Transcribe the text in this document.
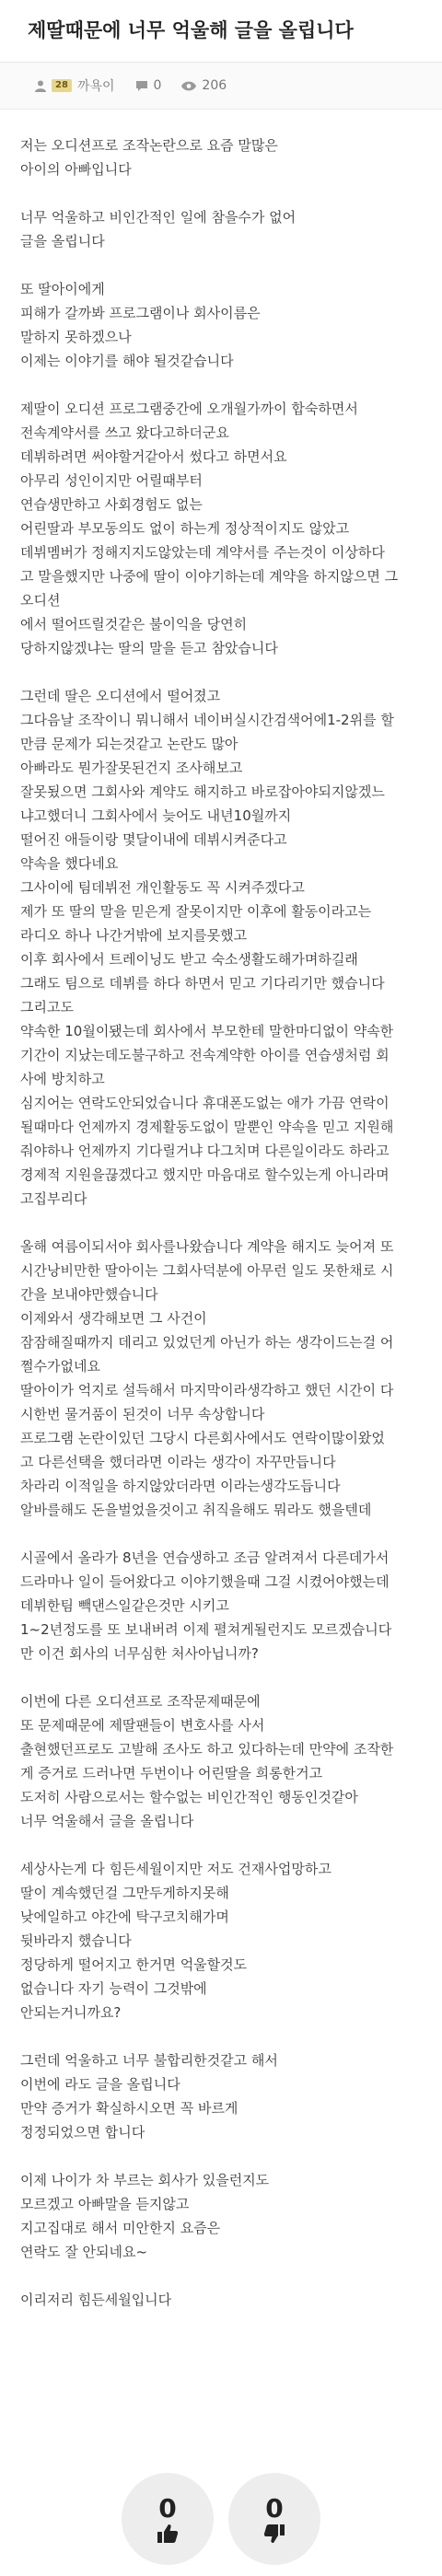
제딸때문에 너무 억울해 글을 올립니다
28 까욕이	0	206

저는 오디션프로 조작논란으로 요즘 말많은
아이의 아빠입니다

너무 억울하고 비인간적인 일에 참을수가 없어
글을 올립니다

또 딸아이에게
피해가 갈까봐 프로그램이나 회사이름은
말하지 못하겠으나
이제는 이야기를 해야 될것같습니다

제딸이 오디션 프로그램중간에 오개월가까이 합숙하면서
전속계약서를 쓰고 왔다고하더군요
데뷔하려면 써야할거같아서 썼다고 하면서요
아무리 성인이지만 어릴때부터
연습생만하고 사회경험도 없는
어린딸과 부모동의도 없이 하는게 정상적이지도 않았고
데뷔멤버가 정해지지도않았는데 계약서를 주는것이 이상하다
고 말을했지만 나중에 딸이 이야기하는데 계약을 하지않으면 그
오디션
에서 떨어뜨릴것같은 불이익을 당연히
당하지않겠냐는 딸의 말을 듣고 참았습니다

그런데 딸은 오디션에서 떨어졌고
그다음날 조작이니 뭐니해서 네이버실시간검색어에1-2위를 할
만큼 문제가 되는것같고 논란도 많아
아빠라도 뭔가잘못된건지 조사해보고
잘못됬으면 그회사와 계약도 해지하고 바로잡아야되지않겠느
냐고했더니 그회사에서 늦어도 내년10월까지
떨어진 애들이랑 몇달이내에 데뷔시켜준다고
약속을 했다네요
그사이에 팀데뷔전 개인활동도 꼭 시켜주겠다고
제가 또 딸의 말을 믿은게 잘못이지만 이후에 활동이라고는
라디오 하나 나간거밖에 보지를못했고
이후 회사에서 트레이닝도 받고 숙소생활도해가며하길래
그래도 팀으로 데뷔를 하다 하면서 믿고 기다리기만 했습니다
그리고도
약속한 10월이됐는데 회사에서 부모한테 말한마디없이 약속한
기간이 지났는데도불구하고 전속계약한 아이를 연습생처럼 회
사에 방치하고
심지어는 연락도안되었습니다 휴대폰도없는 애가 가끔 연락이
될때마다 언제까지 경제활동도없이 말뿐인 약속을 믿고 지원해
줘야하나 언제까지 기다릴거냐 다그치며 다른일이라도 하라고
경제적 지원을끊겠다고 했지만 마음대로 할수있는게 아니라며
고집부리다

올해 여름이되서야 회사를나왔습니다 계약을 해지도 늦어져 또
시간낭비만한 딸아이는 그회사덕분에 아무런 일도 못한채로 시
간을 보내야만했습니다
이제와서 생각해보면 그 사건이
잠잠해질때까지 데리고 있었던게 아닌가 하는 생각이드는걸 어
쩔수가없네요
딸아이가 억지로 설득해서 마지막이라생각하고 했던 시간이 다
시한번 물거품이 된것이 너무 속상합니다
프로그램 논란이있던 그당시 다른회사에서도 연락이많이왔었
고 다른선택을 했더라면 이라는 생각이 자꾸만듭니다
차라리 이적일을 하지않았더라면 이라는생각도듭니다
알바를해도 돈을벌었을것이고 취직을해도 뭐라도 했을텐데

시골에서 올라가 8년을 연습생하고 조금 알려져서 다른데가서
드라마나 일이 들어왔다고 이야기했을때 그걸 시켰어야했는데
데뷔한팀 빽댄스일같은것만 시키고
1~2년정도를 또 보내버려 이제 펼쳐게될런지도 모르겠습니다
만 이건 회사의 너무심한 처사아닙니까?

이번에 다른 오디션프로 조작문제때문에
또 문제때문에 제딸팬들이 변호사를 사서
출현했던프로도 고발해 조사도 하고 있다하는데 만약에 조작한
게 증거로 드러나면 두번이나 어린딸을 희롱한거고
도저히 사람으로서는 할수없는 비인간적인 행동인것같아
너무 억울해서 글을 올립니다

세상사는게 다 힘든세월이지만 저도 건재사업망하고
딸이 계속했던걸 그만두게하지못해
낮에일하고 야간에 탁구코치해가며
뒷바라지 했습니다
정당하게 떨어지고 한거면 억울할것도
없습니다 자기 능력이 그것밖에
안되는거니까요?

그런데 억울하고 너무 불합리한것같고 해서
이번에 라도 글을 올립니다
만약 증거가 확실하시오면 꼭 바르게
정정되었으면 합니다

이제 나이가 차 부르는 회사가 있을런지도
모르겠고 아빠말을 듣지않고
지고집대로 해서 미안한지 요즘은
연락도 잘 안되네요~

이리저리 힘든세월입니다

0	0
